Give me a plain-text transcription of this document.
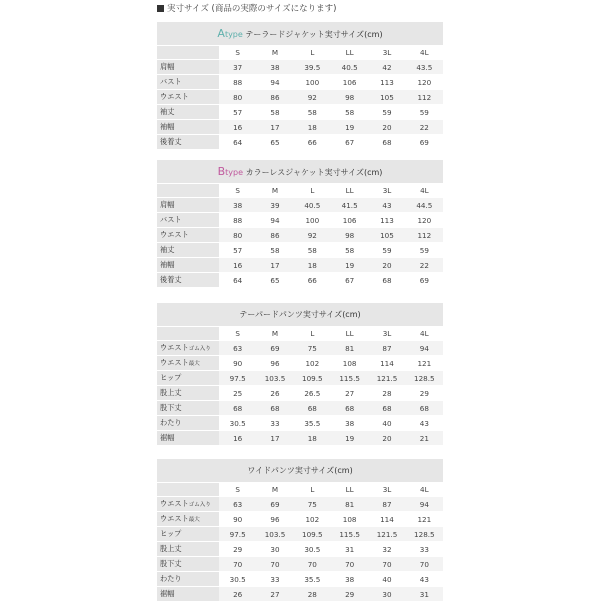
実寸サイズ (商品の実際のサイズになります)
Atype テーラードジャケット実寸サイズ(cm)						
	S	M	L	LL	3L	4L
肩幅	37	38	39.5	40.5	42	43.5
バスト	88	94	100	106	113	120
ウエスト	80	86	92	98	105	112
袖丈	57	58	58	58	59	59
袖幅	16	17	18	19	20	22
後着丈	64	65	66	67	68	69
Btype カラーレスジャケット実寸サイズ(cm)						
	S	M	L	LL	3L	4L
肩幅	38	39	40.5	41.5	43	44.5
バスト	88	94	100	106	113	120
ウエスト	80	86	92	98	105	112
袖丈	57	58	58	58	59	59
袖幅	16	17	18	19	20	22
後着丈	64	65	66	67	68	69
テーパードパンツ実寸サイズ(cm)						
	S	M	L	LL	3L	4L
ウエストゴム入り	63	69	75	81	87	94
ウエスト最大	90	96	102	108	114	121
ヒップ	97.5	103.5	109.5	115.5	121.5	128.5
股上丈	25	26	26.5	27	28	29
股下丈	68	68	68	68	68	68
わたり	30.5	33	35.5	38	40	43
裾幅	16	17	18	19	20	21
ワイドパンツ実寸サイズ(cm)						
	S	M	L	LL	3L	4L
ウエストゴム入り	63	69	75	81	87	94
ウエスト最大	90	96	102	108	114	121
ヒップ	97.5	103.5	109.5	115.5	121.5	128.5
股上丈	29	30	30.5	31	32	33
股下丈	70	70	70	70	70	70
わたり	30.5	33	35.5	38	40	43
裾幅	26	27	28	29	30	31
